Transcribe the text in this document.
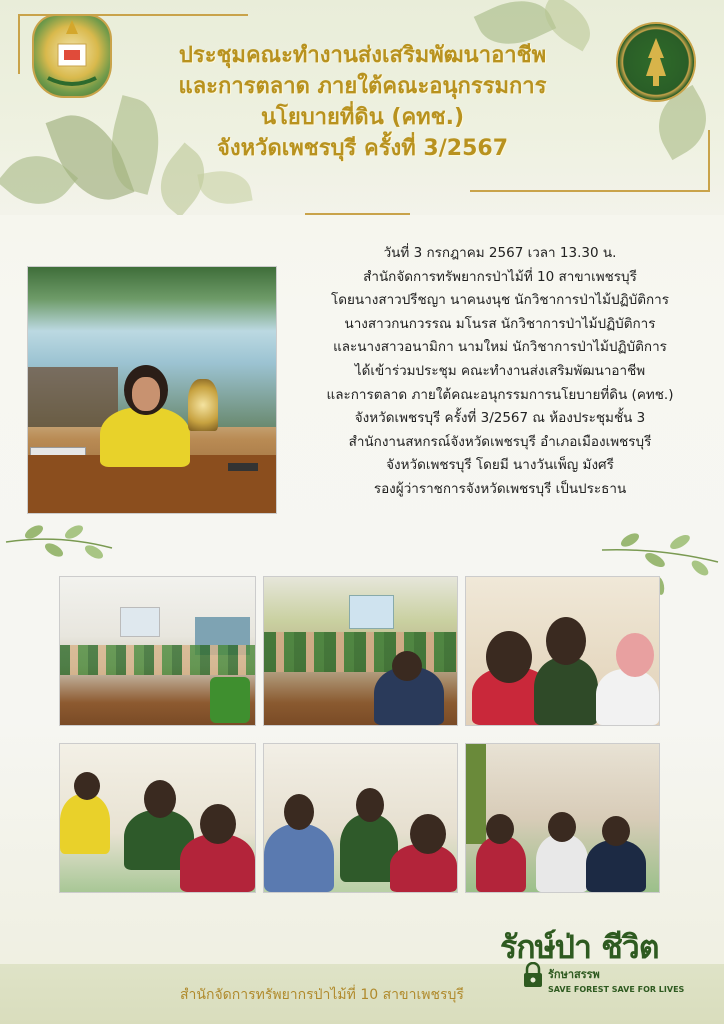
ประชุมคณะทำงานส่งเสริมพัฒนาอาชีพ
และการตลาด ภายใต้คณะอนุกรรมการ
นโยบายที่ดิน (คทช.)
จังหวัดเพชรบุรี ครั้งที่ 3/2567
วันที่ 3 กรกฎาคม 2567 เวลา 13.30 น.
สำนักจัดการทรัพยากรป่าไม้ที่ 10 สาขาเพชรบุรี
โดยนางสาวปรีชญา นาคนงนุช นักวิชาการป่าไม้ปฏิบัติการ
นางสาวกนกวรรณ มโนรส นักวิชาการป่าไม้ปฏิบัติการ
และนางสาวอนามิกา นามใหม่ นักวิชาการป่าไม้ปฏิบัติการ
ได้เข้าร่วมประชุม คณะทำงานส่งเสริมพัฒนาอาชีพ
และการตลาด ภายใต้คณะอนุกรรมการนโยบายที่ดิน (คทช.)
จังหวัดเพชรบุรี ครั้งที่ 3/2567 ณ ห้องประชุมชั้น 3
สำนักงานสหกรณ์จังหวัดเพชรบุรี อำเภอเมืองเพชรบุรี
จังหวัดเพชรบุรี โดยมี นางวันเพ็ญ มังศรี
รองผู้ว่าราชการจังหวัดเพชรบุรี เป็นประธาน
สำนักจัดการทรัพยากรป่าไม้ที่ 10 สาขาเพชรบุรี
รักษ์ป่า ชีวิต
รักษาสรรพ
SAVE FOREST SAVE FOR LIVES
